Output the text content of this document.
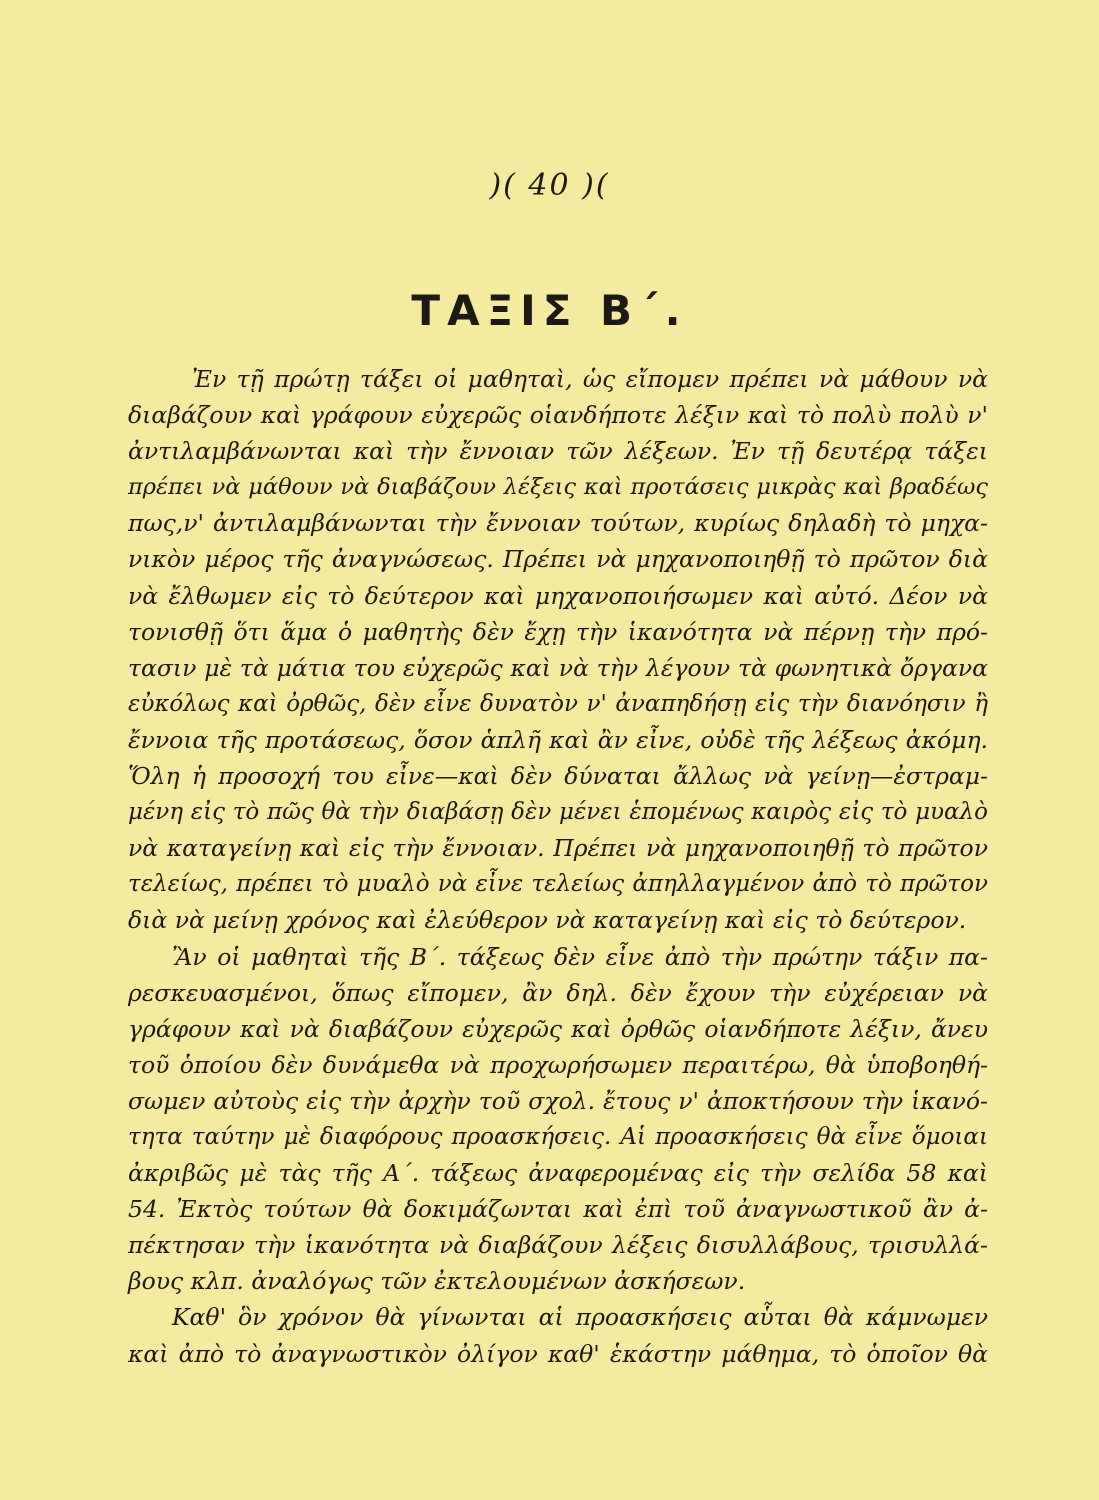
)( 40 )(
ΤΑΞΙΣ Β΄.
Ἐν τῇ πρώτῃ τάξει οἱ μαθηταὶ, ὡς εἴπομεν πρέπει νὰ μάθουν νὰ
διαβάζουν καὶ γράφουν εὐχερῶς οἱανδήποτε λέξιν καὶ τὸ πολὺ πολὺ ν'
ἀντιλαμβάνωνται καὶ τὴν ἔννοιαν τῶν λέξεων. Ἐν τῇ δευτέρᾳ τάξει
πρέπει νὰ μάθουν νὰ διαβάζουν λέξεις καὶ προτάσεις μικρὰς καὶ βραδέως
πως,ν' ἀντιλαμβάνωνται τὴν ἔννοιαν τούτων, κυρίως δηλαδὴ τὸ μηχα-
νικὸν μέρος τῆς ἀναγνώσεως. Πρέπει νὰ μηχανοποιηθῇ τὸ πρῶτον διὰ
νὰ ἔλθωμεν εἰς τὸ δεύτερον καὶ μηχανοποιήσωμεν καὶ αὐτό. Δέον νὰ
τονισθῇ ὅτι ἅμα ὁ μαθητὴς δὲν ἔχῃ τὴν ἱκανότητα νὰ πέρνῃ τὴν πρό-
τασιν μὲ τὰ μάτια του εὐχερῶς καὶ νὰ τὴν λέγουν τὰ φωνητικὰ ὄργανα
εὐκόλως καὶ ὀρθῶς, δὲν εἶνε δυνατὸν ν' ἀναπηδήσῃ εἰς τὴν διανόησιν ἢ
ἔννοια τῆς προτάσεως, ὅσον ἁπλῆ καὶ ἂν εἶνε, οὐδὲ τῆς λέξεως ἀκόμη.
Ὅλη ἡ προσοχή του εἶνε—καὶ δὲν δύναται ἄλλως νὰ γείνῃ—ἐστραμ-
μένη εἰς τὸ πῶς θὰ τὴν διαβάσῃ δὲν μένει ἑπομένως καιρὸς εἰς τὸ μυαλὸ
νὰ καταγείνῃ καὶ εἰς τὴν ἔννοιαν. Πρέπει νὰ μηχανοποιηθῇ τὸ πρῶτον
τελείως, πρέπει τὸ μυαλὸ νὰ εἶνε τελείως ἀπηλλαγμένον ἀπὸ τὸ πρῶτον
διὰ νὰ μείνῃ χρόνος καὶ ἐλεύθερον νὰ καταγείνῃ καὶ εἰς τὸ δεύτερον.
Ἂν οἱ μαθηταὶ τῆς Β΄. τάξεως δὲν εἶνε ἀπὸ τὴν πρώτην τάξιν πα-
ρεσκευασμένοι, ὅπως εἴπομεν, ἂν δηλ. δὲν ἔχουν τὴν εὐχέρειαν νὰ
γράφουν καὶ νὰ διαβάζουν εὐχερῶς καὶ ὀρθῶς οἱανδήποτε λέξιν, ἄνευ
τοῦ ὁποίου δὲν δυνάμεθα νὰ προχωρήσωμεν περαιτέρω, θὰ ὑποβοηθή-
σωμεν αὐτοὺς εἰς τὴν ἀρχὴν τοῦ σχολ. ἔτους ν' ἀποκτήσουν τὴν ἱκανό-
τητα ταύτην μὲ διαφόρους προασκήσεις. Αἱ προασκήσεις θὰ εἶνε ὅμοιαι
ἀκριβῶς μὲ τὰς τῆς Α΄. τάξεως ἀναφερομένας εἰς τὴν σελίδα 58 καὶ
54. Ἐκτὸς τούτων θὰ δοκιμάζωνται καὶ ἐπὶ τοῦ ἀναγνωστικοῦ ἂν ἀ-
πέκτησαν τὴν ἱκανότητα νὰ διαβάζουν λέξεις δισυλλάβους, τρισυλλά-
βους κλπ. ἀναλόγως τῶν ἐκτελουμένων ἀσκήσεων.
Καθ' ὃν χρόνον θὰ γίνωνται αἱ προασκήσεις αὗται θὰ κάμνωμεν
καὶ ἀπὸ τὸ ἀναγνωστικὸν ὀλίγον καθ' ἑκάστην μάθημα, τὸ ὁποῖον θὰ
